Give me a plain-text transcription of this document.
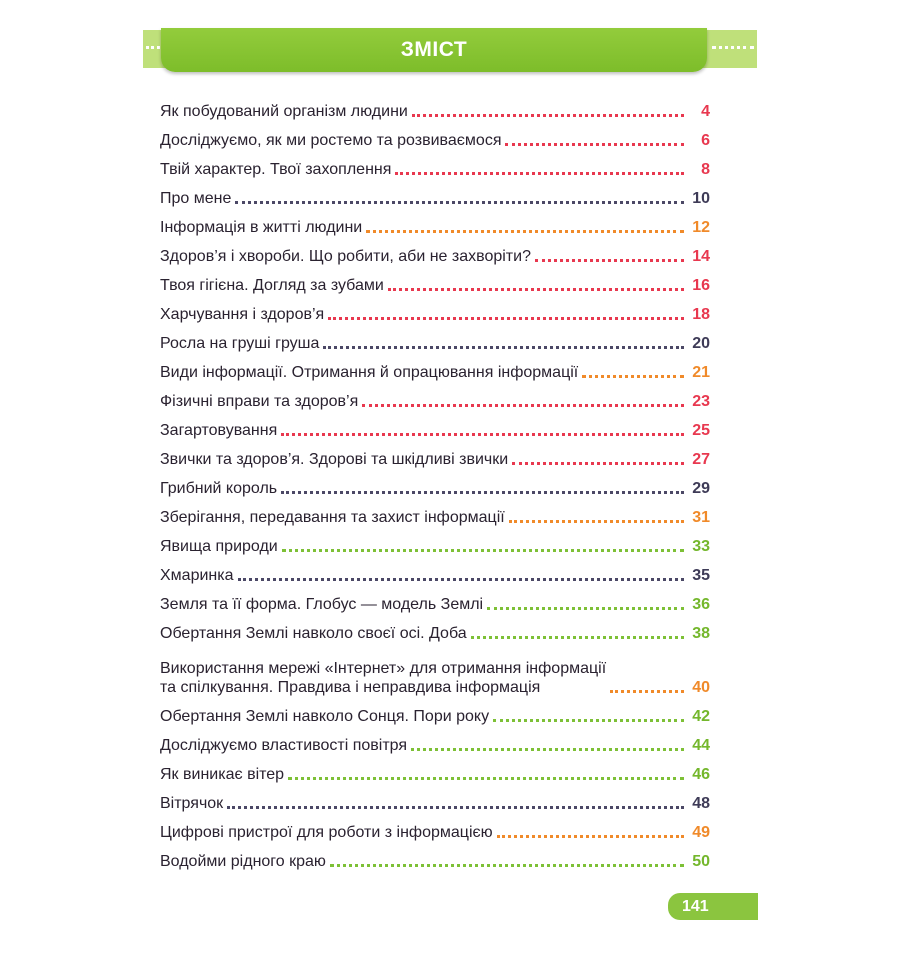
ЗМІСТ
Як побудований організм людини	4
Досліджуємо, як ми ростемо та розвиваємося	6
Твій характер. Твої захоплення	8
Про мене	10
Інформація в житті людини	12
Здоров’я і хвороби. Що робити, аби не захворіти?	14
Твоя гігієна. Догляд за зубами	16
Харчування і здоров’я	18
Росла на груші груша	20
Види інформації. Отримання й опрацювання інформації	21
Фізичні вправи та здоров’я	23
Загартовування	25
Звички та здоров’я. Здорові та шкідливі звички	27
Грибний король	29
Зберігання, передавання та захист інформації	31
Явища природи	33
Хмаринка	35
Земля та її форма. Глобус — модель Землі	36
Обертання Землі навколо своєї осі. Доба	38
Використання мережі «Інтернет» для отримання інформації
та спілкування. Правдива і неправдива інформація	40
Обертання Землі навколо Сонця. Пори року	42
Досліджуємо властивості повітря	44
Як виникає вітер	46
Вітрячок	48
Цифрові пристрої для роботи з інформацією	49
Водойми рідного краю	50
141
